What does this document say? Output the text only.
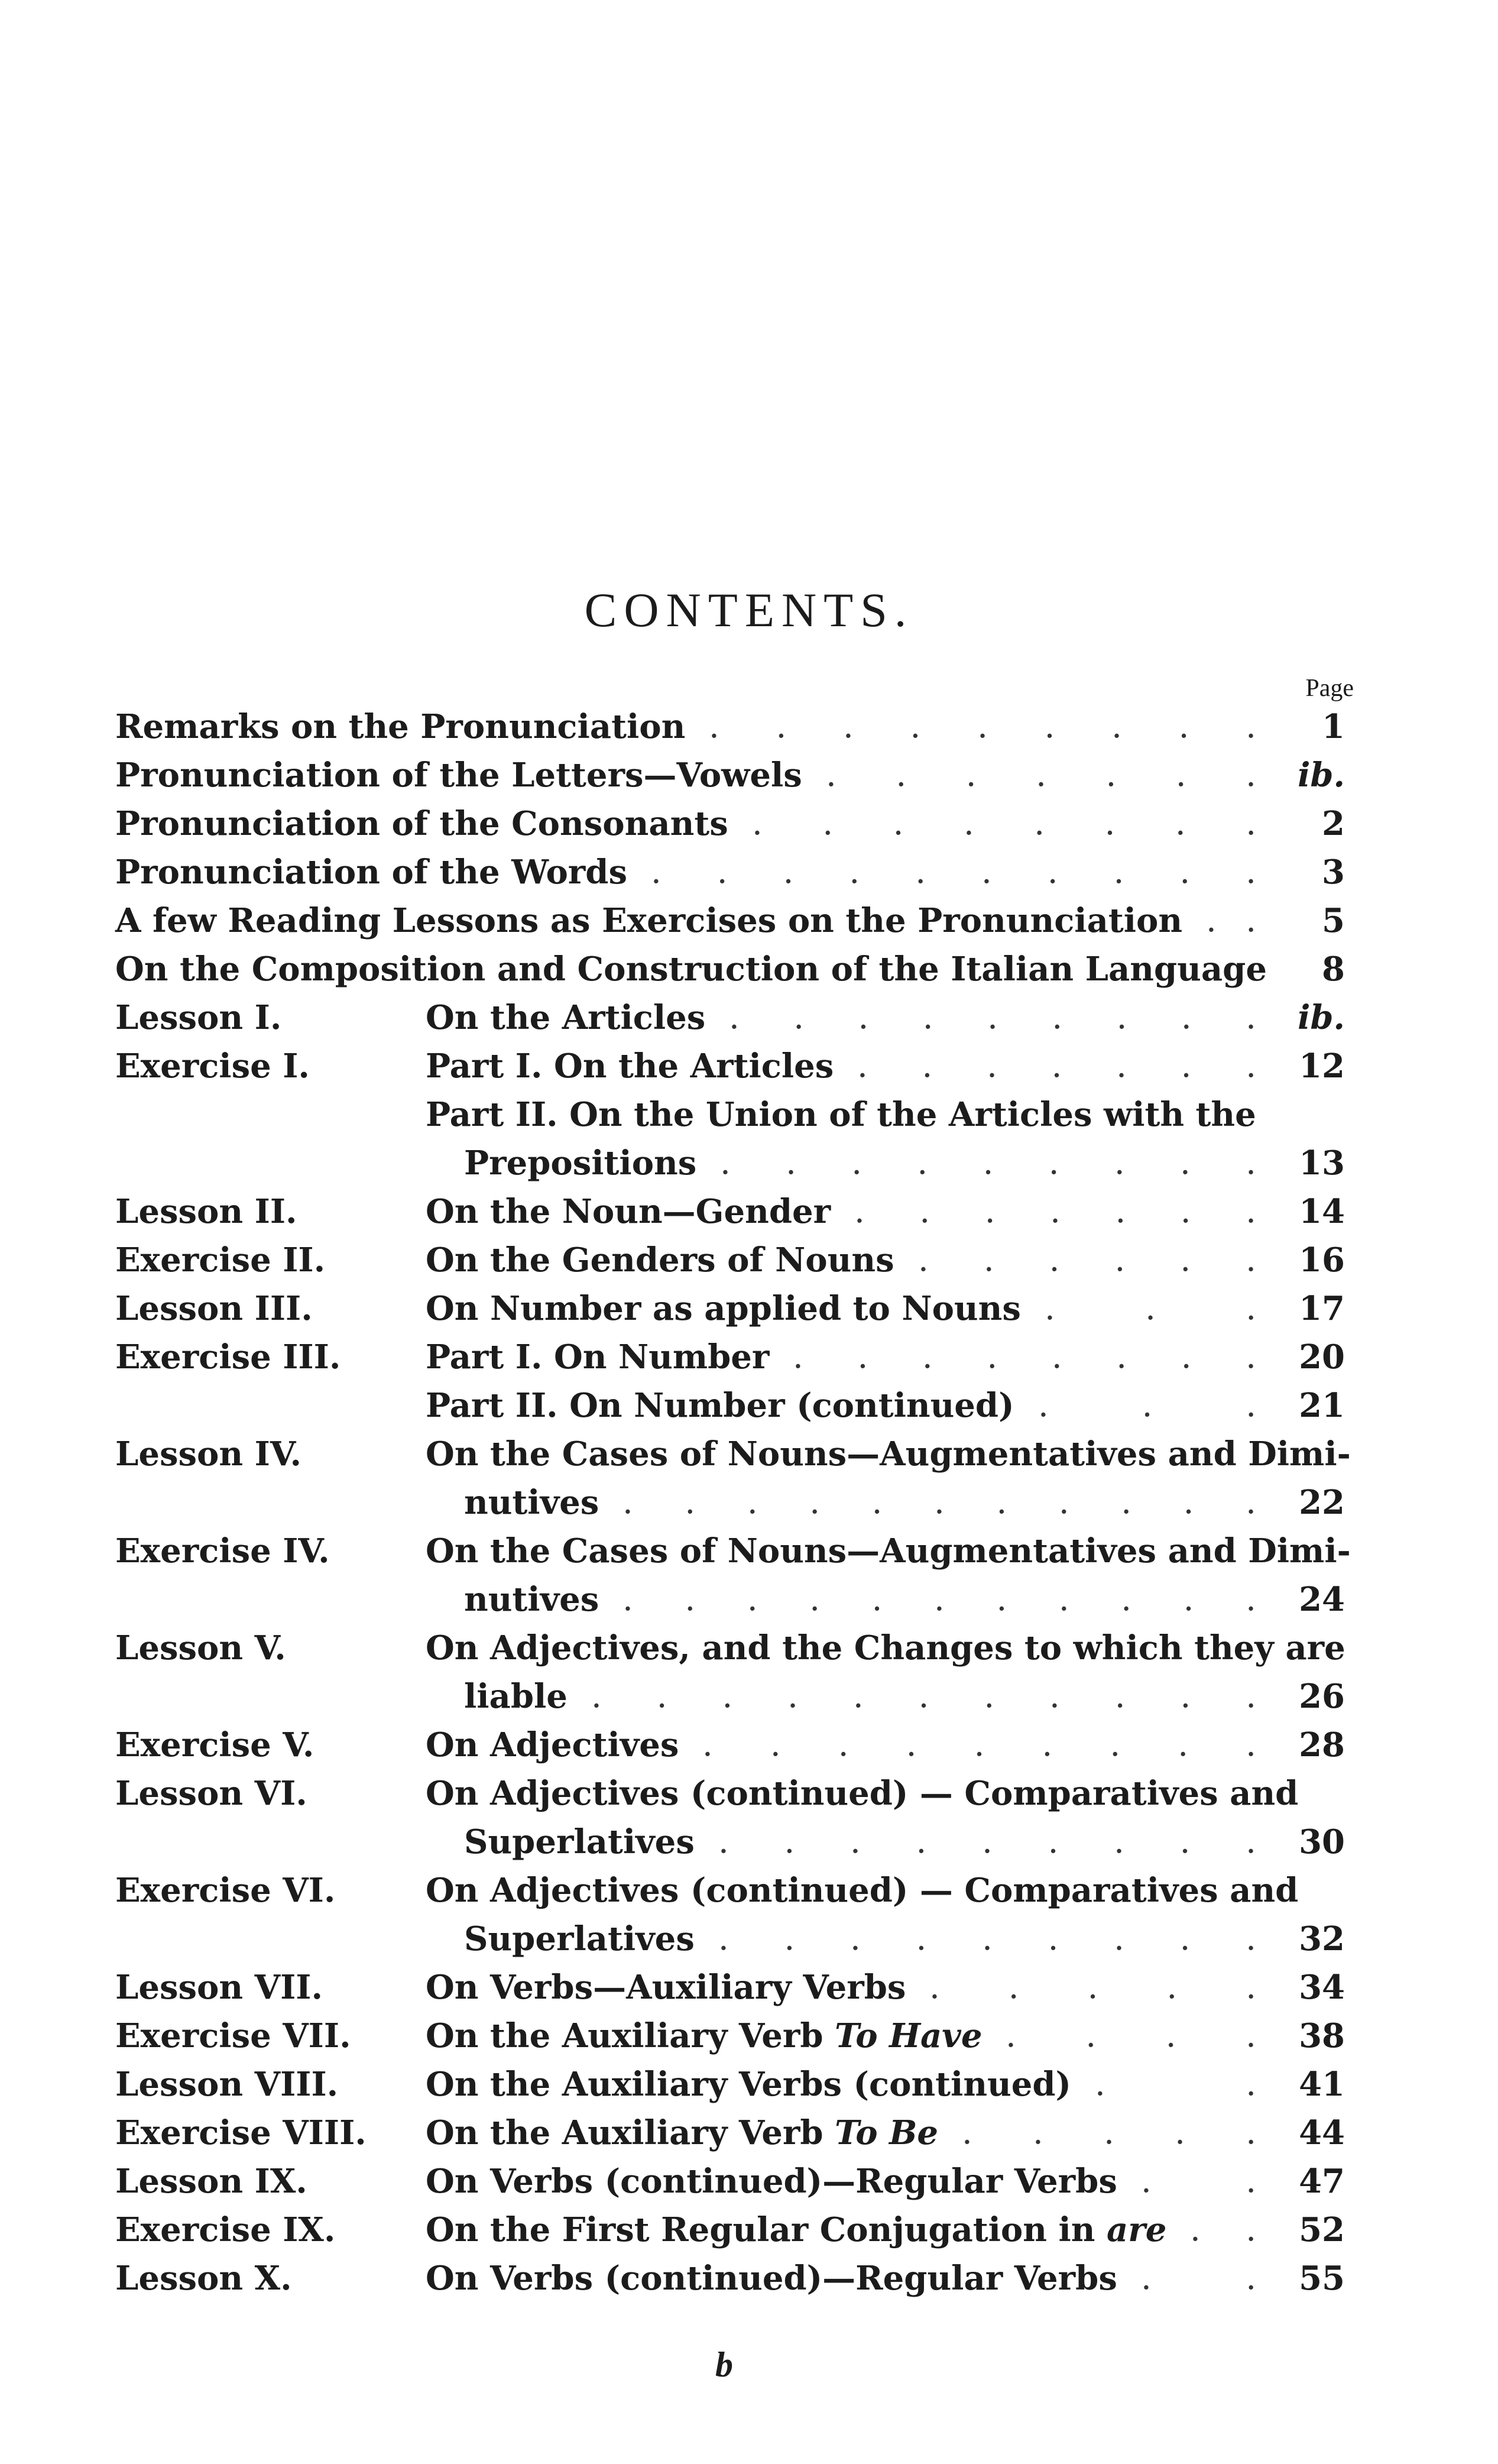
CONTENTS.
Page
Remarks on the Pronunciation	1
. . . . . . . . .
Pronunciation of the Letters—Vowels	ib.
. . . . . . .
Pronunciation of the Consonants	2
. . . . . . . .
Pronunciation of the Words	3
. . . . . . . . . .
A few Reading Lessons as Exercises on the Pronunciation	5
. .
On the Composition and Construction of the Italian Language	8
Lesson I.	On the Articles	ib.
. . . . . . . . .
Exercise I.	Part I. On the Articles	12
. . . . . . .
Part II. On the Union of the Articles with the
Prepositions	13
. . . . . . . . .
Lesson II.	On the Noun—Gender	14
. . . . . . .
Exercise II.	On the Genders of Nouns	16
. . . . . .
Lesson III.	On Number as applied to Nouns	17
.	.	.
Exercise III.	Part I. On Number	20
. . . . . . . .
Part II. On Number (continued)	21
.	.	.
Lesson IV.	On the Cases of Nouns—Augmentatives and Dimi-
nutives	22
. . . . . . . . . . .
Exercise IV.	On the Cases of Nouns—Augmentatives and Dimi-
nutives	24
. . . . . . . . . . .
Lesson V.	On Adjectives, and the Changes to which they are
liable	26
. . . . . . . . . . .
Exercise V.	On Adjectives	28
. . . . . . . . .
Lesson VI.	On Adjectives (continued) — Comparatives and
Superlatives	30
. . . . . . . . .
Exercise VI.	On Adjectives (continued) — Comparatives and
Superlatives	32
. . . . . . . . .
Lesson VII.	On Verbs—Auxiliary Verbs	34
. . . . .
Exercise VII. On the Auxiliary Verb To Have	38
. . . .
Lesson VIII.	On the Auxiliary Verbs (continued)	41
.	.
Exercise VIII. On the Auxiliary Verb To Be	44
. . . . .
Lesson IX.	On Verbs (continued)—Regular Verbs	47
.	.
Exercise IX.	On the First Regular Conjugation in are	52
. .
Lesson X.	On Verbs (continued)—Regular Verbs	55
.	.
b
